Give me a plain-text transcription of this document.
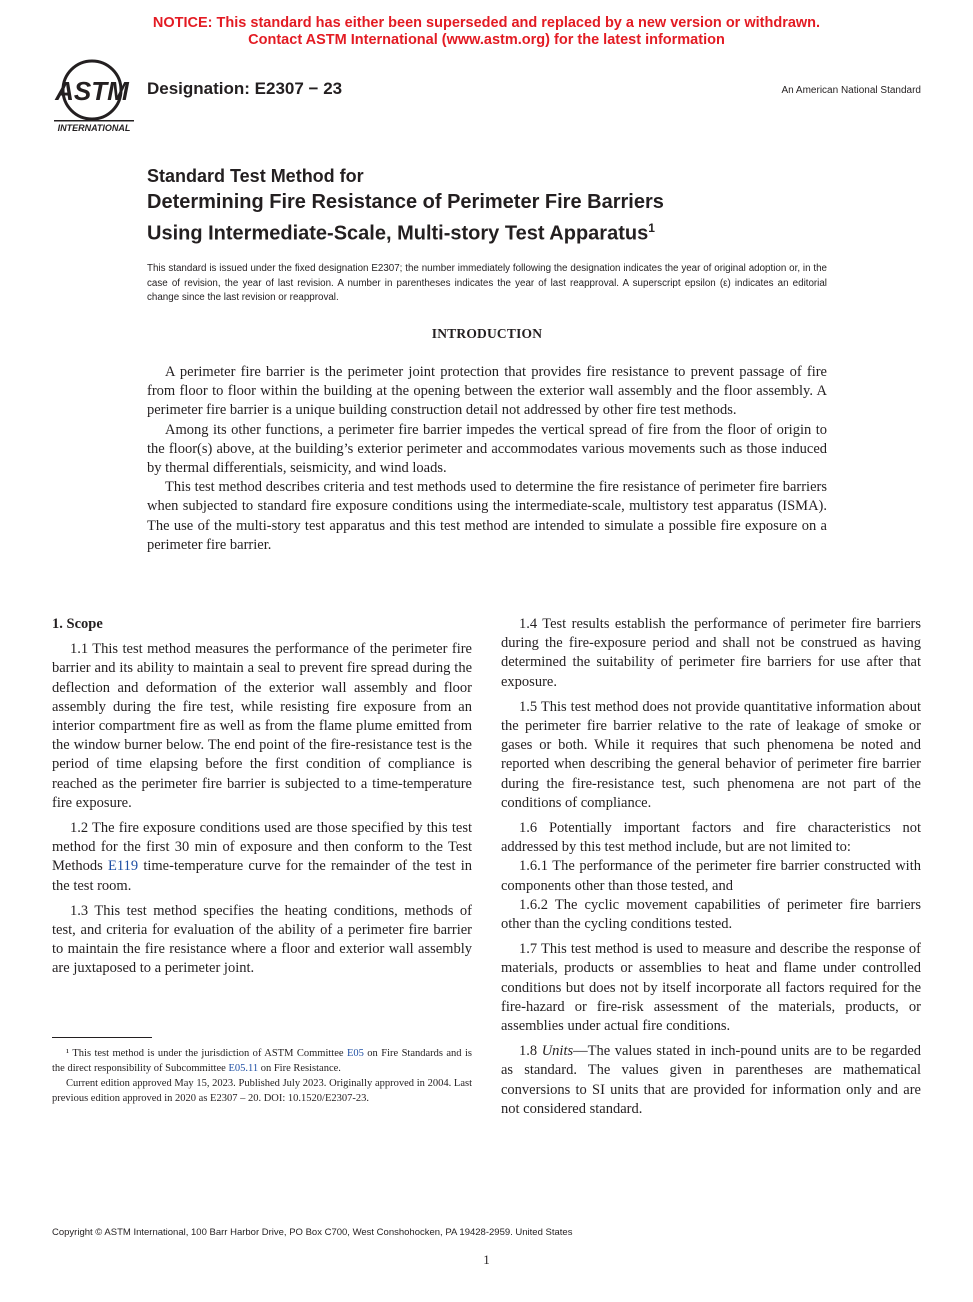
NOTICE: This standard has either been superseded and replaced by a new version or withdrawn.
Contact ASTM International (www.astm.org) for the latest information
ASTM
INTERNATIONAL
Designation: E2307 − 23	An American National Standard
Standard Test Method for
Determining Fire Resistance of Perimeter Fire Barriers
Using Intermediate-Scale, Multi-story Test Apparatus$^1$
This standard is issued under the fixed designation E2307; the number immediately following the designation indicates the year of original adoption or, in the case of revision, the year of last revision. A number in parentheses indicates the year of last reapproval. A superscript epsilon (ε) indicates an editorial change since the last revision or reapproval.
INTRODUCTION

A perimeter fire barrier is the perimeter joint protection that provides fire resistance to prevent passage of fire from floor to floor within the building at the opening between the exterior wall assembly and the floor assembly. A perimeter fire barrier is a unique building construction detail not addressed by other fire test methods.

Among its other functions, a perimeter fire barrier impedes the vertical spread of fire from the floor of origin to the floor(s) above, at the building’s exterior perimeter and accommodates various movements such as those induced by thermal differentials, seismicity, and wind loads.

This test method describes criteria and test methods used to determine the fire resistance of perimeter fire barriers when subjected to standard fire exposure conditions using the intermediate-scale, multistory test apparatus (ISMA). The use of the multi-story test apparatus and this test method are intended to simulate a possible fire exposure on a perimeter fire barrier.

1. Scope

1.1 This test method measures the performance of the perimeter fire barrier and its ability to maintain a seal to prevent fire spread during the deflection and deformation of the exterior wall assembly and floor assembly during the fire test, while resisting fire exposure from an interior compartment fire as well as from the flame plume emitted from the window burner below. The end point of the fire-resistance test is the period of time elapsing before the first condition of compliance is reached as the perimeter fire barrier is subjected to a time-temperature fire exposure.

1.2 The fire exposure conditions used are those specified by this test method for the first 30 min of exposure and then conform to the Test Methods E119 time-temperature curve for the remainder of the test in the test room.

1.3 This test method specifies the heating conditions, methods of test, and criteria for evaluation of the ability of a perimeter fire barrier to maintain the fire resistance where a floor and exterior wall assembly are juxtaposed to a perimeter joint.

¹ This test method is under the jurisdiction of ASTM Committee E05 on Fire Standards and is the direct responsibility of Subcommittee E05.11 on Fire Resistance.

Current edition approved May 15, 2023. Published July 2023. Originally approved in 2004. Last previous edition approved in 2020 as E2307 – 20. DOI: 10.1520/E2307-23.

1.4 Test results establish the performance of perimeter fire barriers during the fire-exposure period and shall not be construed as having determined the suitability of perimeter fire barriers for use after that exposure.

1.5 This test method does not provide quantitative information about the perimeter fire barrier relative to the rate of leakage of smoke or gases or both. While it requires that such phenomena be noted and reported when describing the general behavior of perimeter fire barrier during the fire-resistance test, such phenomena are not part of the conditions of compliance.

1.6 Potentially important factors and fire characteristics not addressed by this test method include, but are not limited to:

1.6.1 The performance of the perimeter fire barrier constructed with components other than those tested, and

1.6.2 The cyclic movement capabilities of perimeter fire barriers other than the cycling conditions tested.

1.7 This test method is used to measure and describe the response of materials, products or assemblies to heat and flame under controlled conditions but does not by itself incorporate all factors required for the fire-hazard or fire-risk assessment of the materials, products, or assemblies under actual fire conditions.

1.8 Units—The values stated in inch-pound units are to be regarded as standard. The values given in parentheses are mathematical conversions to SI units that are provided for information only and are not considered standard.

Copyright © ASTM International, 100 Barr Harbor Drive, PO Box C700, West Conshohocken, PA 19428-2959. United States
1
